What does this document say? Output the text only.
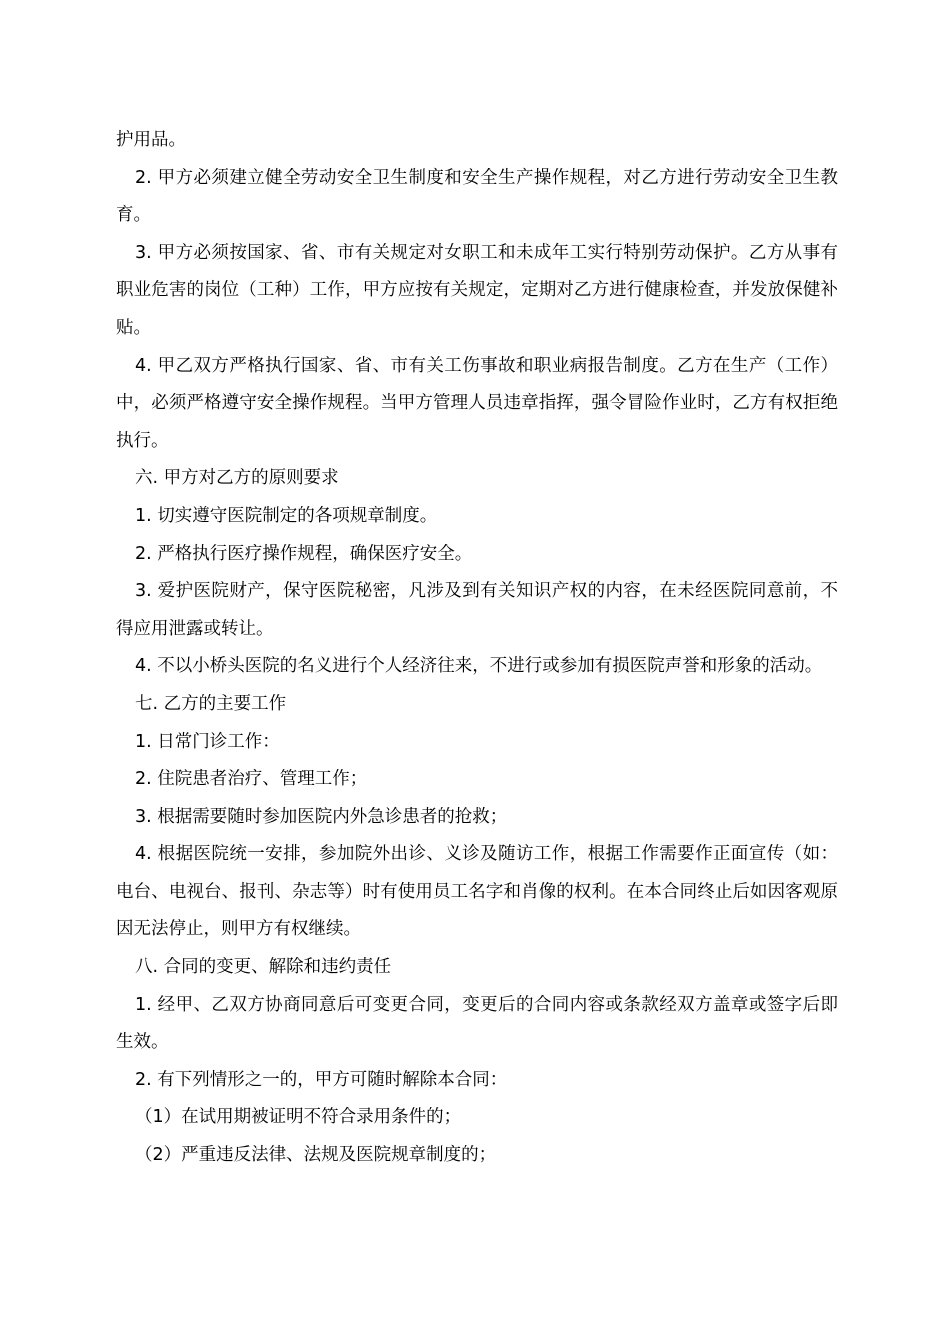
护用品。

2. 甲方必须建立健全劳动安全卫生制度和安全生产操作规程，对乙方进行劳动安全卫生教育。

3. 甲方必须按国家、省、市有关规定对女职工和未成年工实行特别劳动保护。乙方从事有职业危害的岗位（工种）工作，甲方应按有关规定，定期对乙方进行健康检查，并发放保健补贴。

4. 甲乙双方严格执行国家、省、市有关工伤事故和职业病报告制度。乙方在生产（工作）中，必须严格遵守安全操作规程。当甲方管理人员违章指挥，强令冒险作业时，乙方有权拒绝执行。

六. 甲方对乙方的原则要求

1. 切实遵守医院制定的各项规章制度。

2. 严格执行医疗操作规程，确保医疗安全。

3. 爱护医院财产，保守医院秘密，凡涉及到有关知识产权的内容，在未经医院同意前，不得应用泄露或转让。

4. 不以小桥头医院的名义进行个人经济往来，不进行或参加有损医院声誉和形象的活动。

七. 乙方的主要工作

1. 日常门诊工作：

2. 住院患者治疗、管理工作；

3. 根据需要随时参加医院内外急诊患者的抢救；

4. 根据医院统一安排，参加院外出诊、义诊及随访工作，根据工作需要作正面宣传（如：电台、电视台、报刊、杂志等）时有使用员工名字和肖像的权利。在本合同终止后如因客观原因无法停止，则甲方有权继续。

八. 合同的变更、解除和违约责任

1. 经甲、乙双方协商同意后可变更合同，变更后的合同内容或条款经双方盖章或签字后即生效。

2. 有下列情形之一的，甲方可随时解除本合同：

（1）在试用期被证明不符合录用条件的；

（2）严重违反法律、法规及医院规章制度的；
